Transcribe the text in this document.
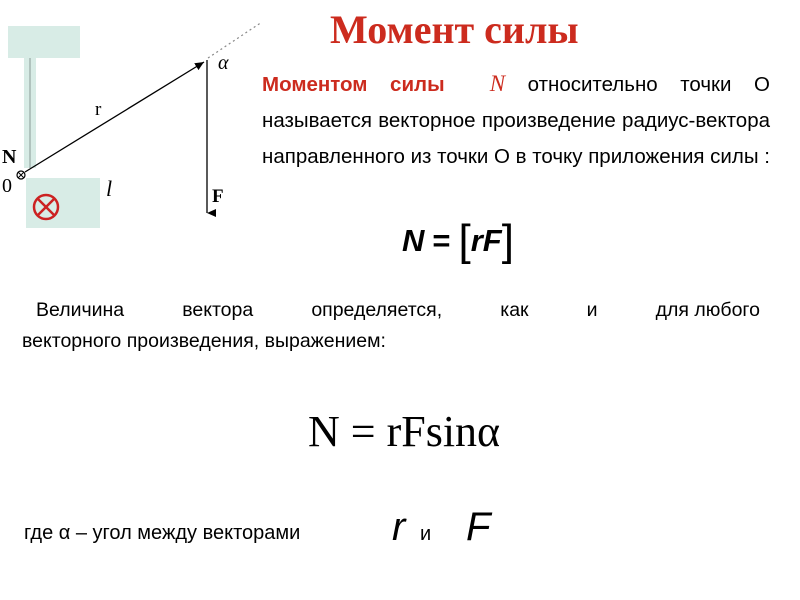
N
0
r
l
α
F
Момент силы
Моментом силы N относительно точки О называется векторное произведение радиус-вектора направленного из точки О в точку приложения силы :
N = [rF]
Величина	вектора	определяется,	как	и	для любого
векторного произведения, выражением:
N = rFsinα
где α – угол между векторами r и F
